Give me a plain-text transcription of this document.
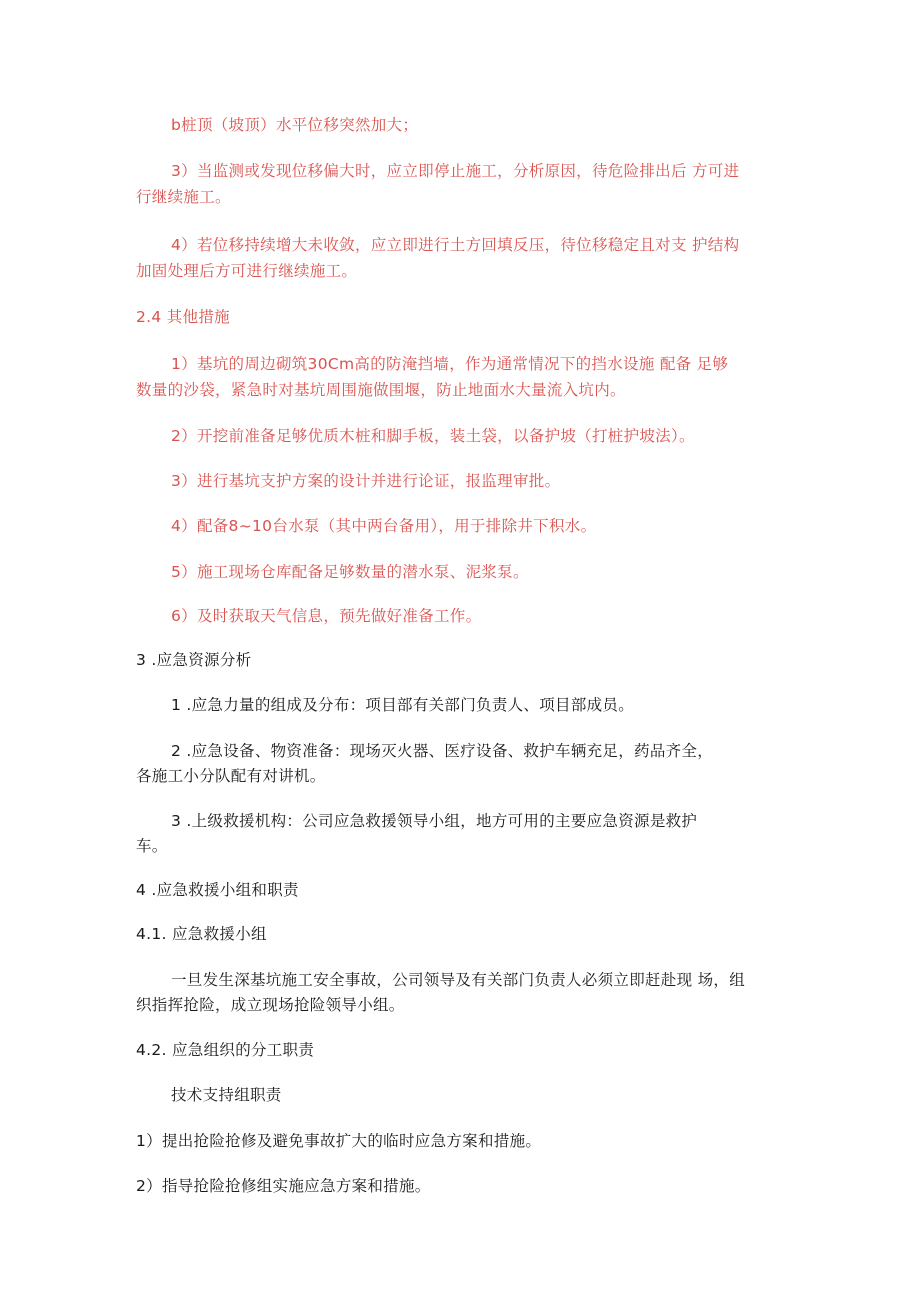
b桩顶（坡顶）水平位移突然加大；
3）当监测或发现位移偏大时，应立即停止施工，分析原因，待危险排出后 方可进
行继续施工。
4）若位移持续增大未收敛，应立即进行土方回填反压，待位移稳定且对支 护结构
加固处理后方可进行继续施工。
2.4 其他措施
1）基坑的周边砌筑30Cm高的防淹挡墙，作为通常情况下的挡水设施 配备 足够
数量的沙袋，紧急时对基坑周围施做围堰，防止地面水大量流入坑内。
2）开挖前准备足够优质木桩和脚手板，装土袋，以备护坡（打桩护坡法）。
3）进行基坑支护方案的设计并进行论证，报监理审批。
4）配备8~10台水泵（其中两台备用），用于排除井下积水。
5）施工现场仓库配备足够数量的潜水泵、泥浆泵。
6）及时获取天气信息，预先做好准备工作。
3 .应急资源分析
1 .应急力量的组成及分布：项目部有关部门负责人、项目部成员。
2 .应急设备、物资准备：现场灭火器、医疗设备、救护车辆充足，药品齐全，
各施工小分队配有对讲机。
3 .上级救援机构：公司应急救援领导小组，地方可用的主要应急资源是救护
车。
4 .应急救援小组和职责
4.1. 应急救援小组
一旦发生深基坑施工安全事故，公司领导及有关部门负责人必须立即赶赴现 场，组
织指挥抢险，成立现场抢险领导小组。
4.2. 应急组织的分工职责
技术支持组职责
1）提出抢险抢修及避免事故扩大的临时应急方案和措施。
2）指导抢险抢修组实施应急方案和措施。
